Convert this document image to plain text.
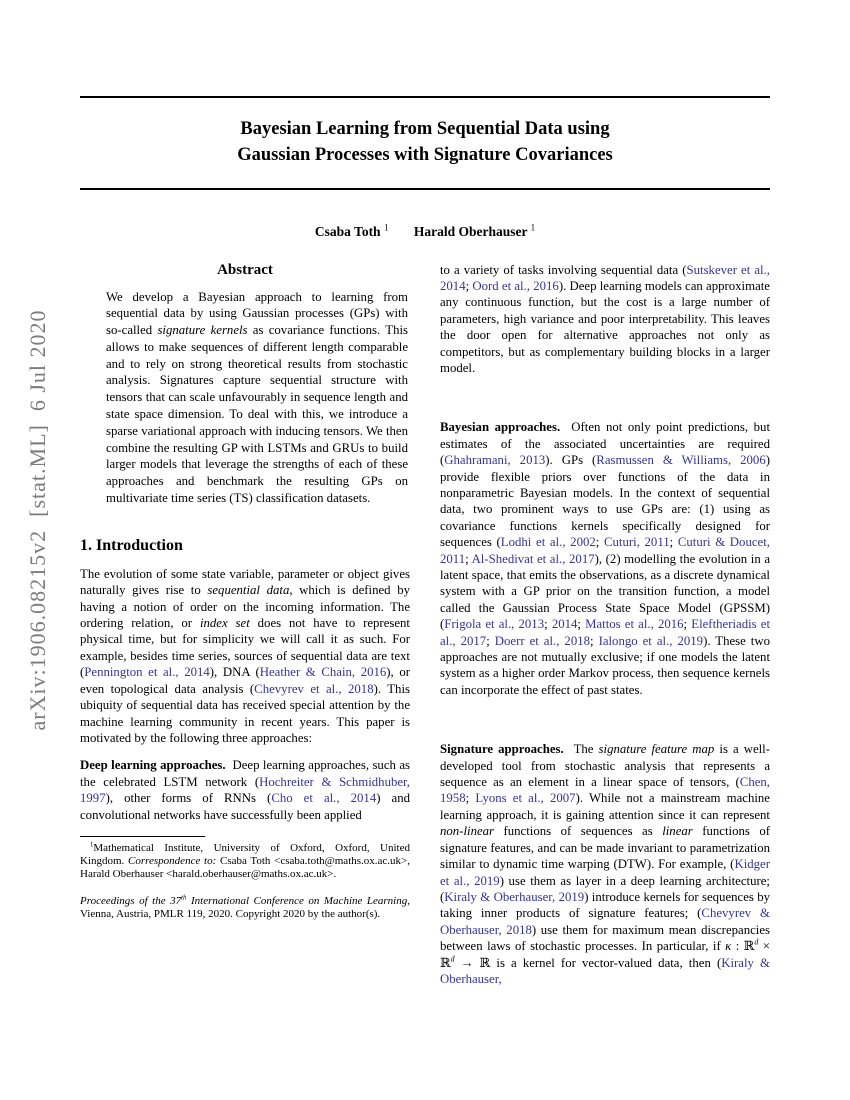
arXiv:1906.08215v2  [stat.ML]  6 Jul 2020
Bayesian Learning from Sequential Data using
Gaussian Processes with Signature Covariances
Csaba Toth $^1$ Harald Oberhauser $^1$
Abstract

We develop a Bayesian approach to learning from sequential data by using Gaussian processes (GPs) with so-called signature kernels as covariance functions. This allows to make sequences of different length comparable and to rely on strong theoretical results from stochastic analysis. Signatures capture sequential structure with tensors that can scale unfavourably in sequence length and state space dimension. To deal with this, we introduce a sparse variational approach with inducing tensors. We then combine the resulting GP with LSTMs and GRUs to build larger models that leverage the strengths of each of these approaches and benchmark the resulting GPs on multivariate time series (TS) classification datasets.

1. Introduction

The evolution of some state variable, parameter or object gives naturally gives rise to sequential data, which is defined by having a notion of order on the incoming information. The ordering relation, or index set does not have to represent physical time, but for simplicity we will call it as such. For example, besides time series, sources of sequential data are text (Pennington et al., 2014), DNA (Heather & Chain, 2016), or even topological data analysis (Chevyrev et al., 2018). This ubiquity of sequential data has received special attention by the machine learning community in recent years. This paper is motivated by the following three approaches:

Deep learning approaches.  Deep learning approaches, such as the celebrated LSTM network (Hochreiter & Schmidhuber, 1997), other forms of RNNs (Cho et al., 2014) and convolutional networks have successfully been applied

$^1$Mathematical Institute, University of Oxford, Oxford, United Kingdom. Correspondence to: Csaba Toth <csaba.toth@maths.ox.ac.uk>, Harald Oberhauser <harald.oberhauser@maths.ox.ac.uk>.

Proceedings of the 37th International Conference on Machine Learning, Vienna, Austria, PMLR 119, 2020. Copyright 2020 by the author(s).

to a variety of tasks involving sequential data (Sutskever et al., 2014; Oord et al., 2016). Deep learning models can approximate any continuous function, but the cost is a large number of parameters, high variance and poor interpretability. This leaves the door open for alternative approaches not only as competitors, but as complementary building blocks in a larger model.

Bayesian approaches.  Often not only point predictions, but estimates of the associated uncertainties are required (Ghahramani, 2013). GPs (Rasmussen & Williams, 2006) provide flexible priors over functions of the data in nonparametric Bayesian models. In the context of sequential data, two prominent ways to use GPs are: (1) using as covariance functions kernels specifically designed for sequences (Lodhi et al., 2002; Cuturi, 2011; Cuturi & Doucet, 2011; Al-Shedivat et al., 2017), (2) modelling the evolution in a latent space, that emits the observations, as a discrete dynamical system with a GP prior on the transition function, a model called the Gaussian Process State Space Model (GPSSM) (Frigola et al., 2013; 2014; Mattos et al., 2016; Eleftheriadis et al., 2017; Doerr et al., 2018; Ialongo et al., 2019). These two approaches are not mutually exclusive; if one models the latent system as a higher order Markov process, then sequence kernels can incorporate the effect of past states.

Signature approaches.  The signature feature map is a well-developed tool from stochastic analysis that represents a sequence as an element in a linear space of tensors, (Chen, 1958; Lyons et al., 2007). While not a mainstream machine learning approach, it is gaining attention since it can represent non-linear functions of sequences as linear functions of signature features, and can be made invariant to parametrization similar to dynamic time warping (DTW). For example, (Kidger et al., 2019) use them as layer in a deep learning architecture; (Kiraly & Oberhauser, 2019) introduce kernels for sequences by taking inner products of signature features; (Chevyrev & Oberhauser, 2018) use them for maximum mean discrepancies between laws of stochastic processes. In particular, if κ : ℝ$^d$ × ℝ$^d$ → ℝ is a kernel for vector-valued data, then (Kiraly & Oberhauser,
